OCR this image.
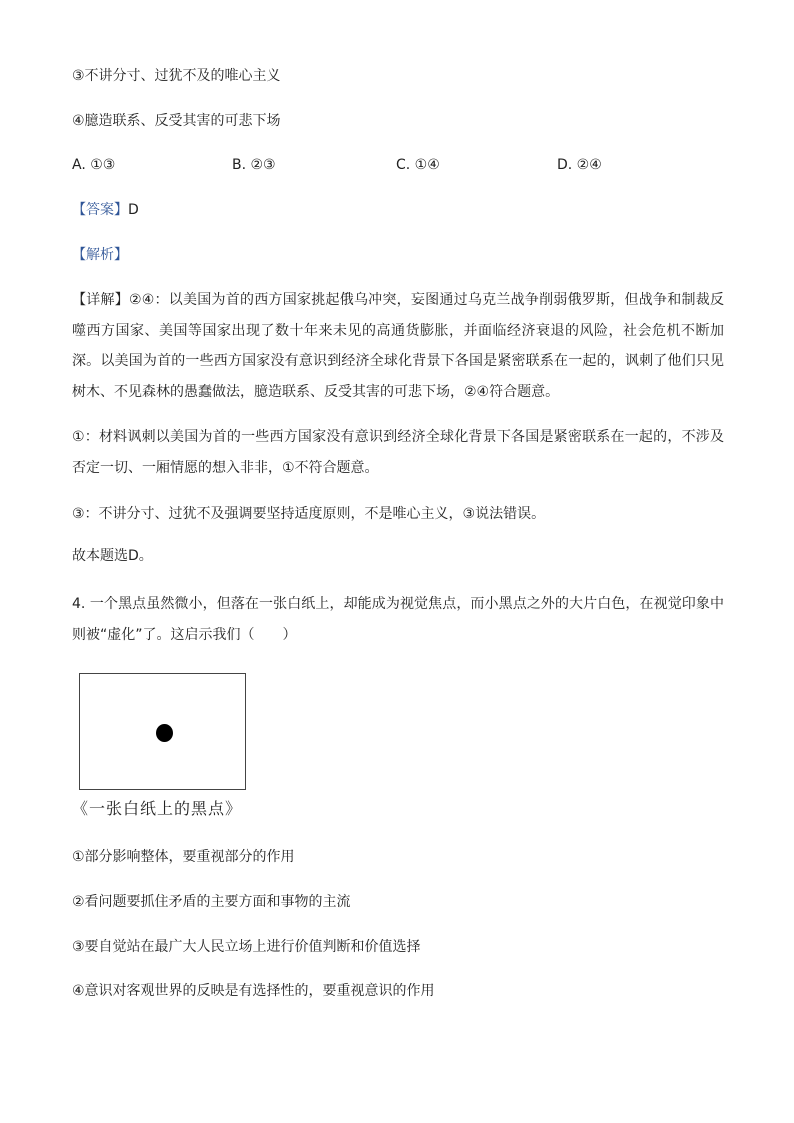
③不讲分寸、过犹不及的唯心主义
④臆造联系、反受其害的可悲下场
A. ①③	B. ②③	C. ①④	D. ②④
【答案】D
【解析】
【详解】②④：以美国为首的西方国家挑起俄乌冲突，妄图通过乌克兰战争削弱俄罗斯，但战争和制裁反噬西方国家、美国等国家出现了数十年来未见的高通货膨胀，并面临经济衰退的风险，社会危机不断加深。以美国为首的一些西方国家没有意识到经济全球化背景下各国是紧密联系在一起的，讽刺了他们只见树木、不见森林的愚蠢做法，臆造联系、反受其害的可悲下场，②④符合题意。
①：材料讽刺以美国为首的一些西方国家没有意识到经济全球化背景下各国是紧密联系在一起的，不涉及否定一切、一厢情愿的想入非非，①不符合题意。
③：不讲分寸、过犹不及强调要坚持适度原则，不是唯心主义，③说法错误。
故本题选D。
4. 一个黑点虽然微小，但落在一张白纸上，却能成为视觉焦点，而小黑点之外的大片白色，在视觉印象中则被“虚化”了。这启示我们（　　）
《一张白纸上的黑点》
①部分影响整体，要重视部分的作用
②看问题要抓住矛盾的主要方面和事物的主流
③要自觉站在最广大人民立场上进行价值判断和价值选择
④意识对客观世界的反映是有选择性的，要重视意识的作用
